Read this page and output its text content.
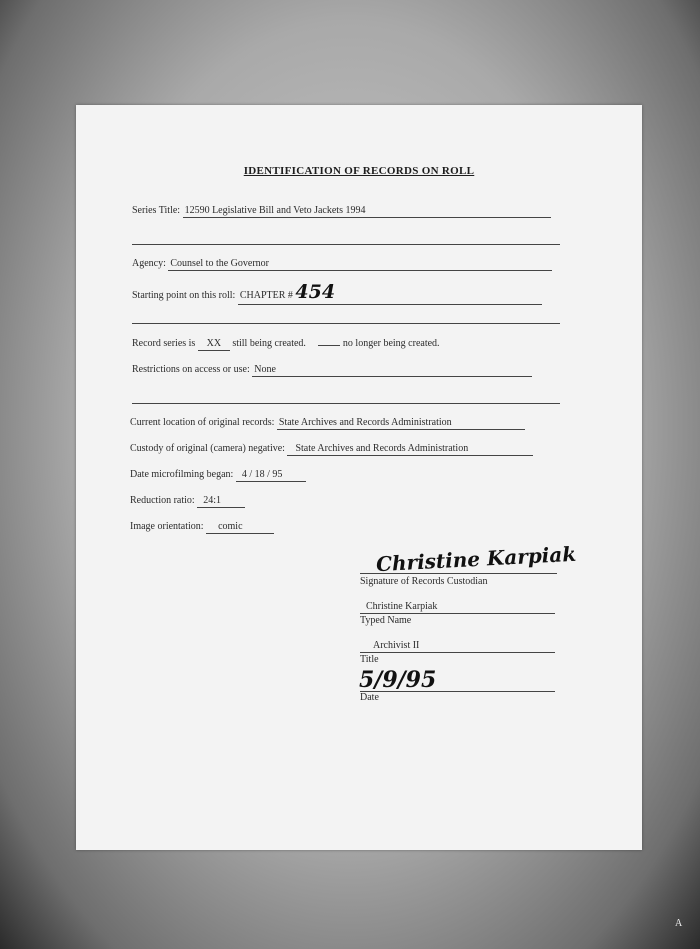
IDENTIFICATION OF RECORDS ON ROLL
Series Title: 12590 Legislative Bill and Veto Jackets 1994
Agency: Counsel to the Governor
Starting point on this roll: CHAPTER # 454
Record series is XX still being created.	no longer being created.
Restrictions on access or use: None
Current location of original records: State Archives and Records Administration
Custody of original (camera) negative: State Archives and Records Administration
Date microfilming began: 4 / 18 / 95
Reduction ratio: 24:1
Image orientation: comic
Christine Karpiak
Signature of Records Custodian
Christine Karpiak
Typed Name
Archivist II
Title
5/9/95
Date
A
